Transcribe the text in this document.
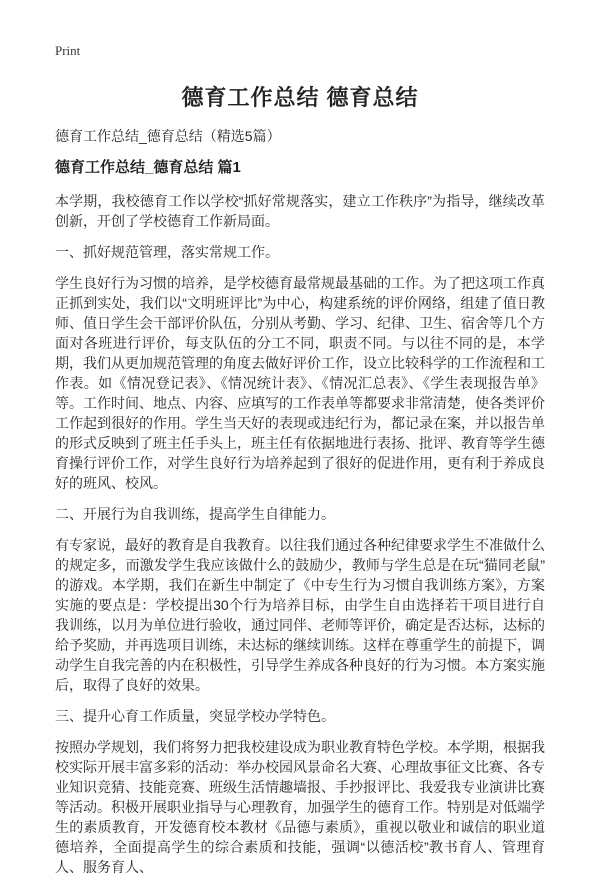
Print
德育工作总结 德育总结

德育工作总结_德育总结（精选5篇）

德育工作总结_德育总结 篇1

本学期，我校德育工作以学校“抓好常规落实，建立工作秩序”为指导，继续改革创新，开创了学校德育工作新局面。

一、抓好规范管理，落实常规工作。

学生良好行为习惯的培养，是学校德育最常规最基础的工作。为了把这项工作真正抓到实处，我们以“文明班评比”为中心，构建系统的评价网络，组建了值日教师、值日学生会干部评价队伍，分别从考勤、学习、纪律、卫生、宿舍等几个方面对各班进行评价，每支队伍的分工不同，职责不同。与以往不同的是，本学期，我们从更加规范管理的角度去做好评价工作，设立比较科学的工作流程和工作表。如《情况登记表》、《情况统计表》、《情况汇总表》、《学生表现报告单》等。工作时间、地点、内容、应填写的工作表单等都要求非常清楚，使各类评价工作起到很好的作用。学生当天好的表现或违纪行为，都记录在案，并以报告单的形式反映到了班主任手头上，班主任有依据地进行表扬、批评、教育等学生德育操行评价工作，对学生良好行为培养起到了很好的促进作用，更有利于养成良好的班风、校风。

二、开展行为自我训练，提高学生自律能力。

有专家说，最好的教育是自我教育。以往我们通过各种纪律要求学生不准做什么的规定多，而激发学生我应该做什么的鼓励少，教师与学生总是在玩“猫同老鼠”的游戏。本学期，我们在新生中制定了《中专生行为习惯自我训练方案》，方案实施的要点是：学校提出30个行为培养目标，由学生自由选择若干项目进行自我训练，以月为单位进行验收，通过同伴、老师等评价，确定是否达标，达标的给予奖励，并再选项目训练，未达标的继续训练。这样在尊重学生的前提下，调动学生自我完善的内在积极性，引导学生养成各种良好的行为习惯。本方案实施后，取得了良好的效果。

三、提升心育工作质量，突显学校办学特色。

按照办学规划，我们将努力把我校建设成为职业教育特色学校。本学期，根据我校实际开展丰富多彩的活动：举办校园风景命名大赛、心理故事征文比赛、各专业知识竞猜、技能竞赛、班级生活情趣墙报、手抄报评比、我爱我专业演讲比赛等活动。积极开展职业指导与心理教育，加强学生的德育工作。特别是对低端学生的素质教育，开发德育校本教材《品德与素质》，重视以敬业和诚信的职业道德培养，全面提高学生的综合素质和技能，强调“以德活校”教书育人、管理育人、服务育人、
